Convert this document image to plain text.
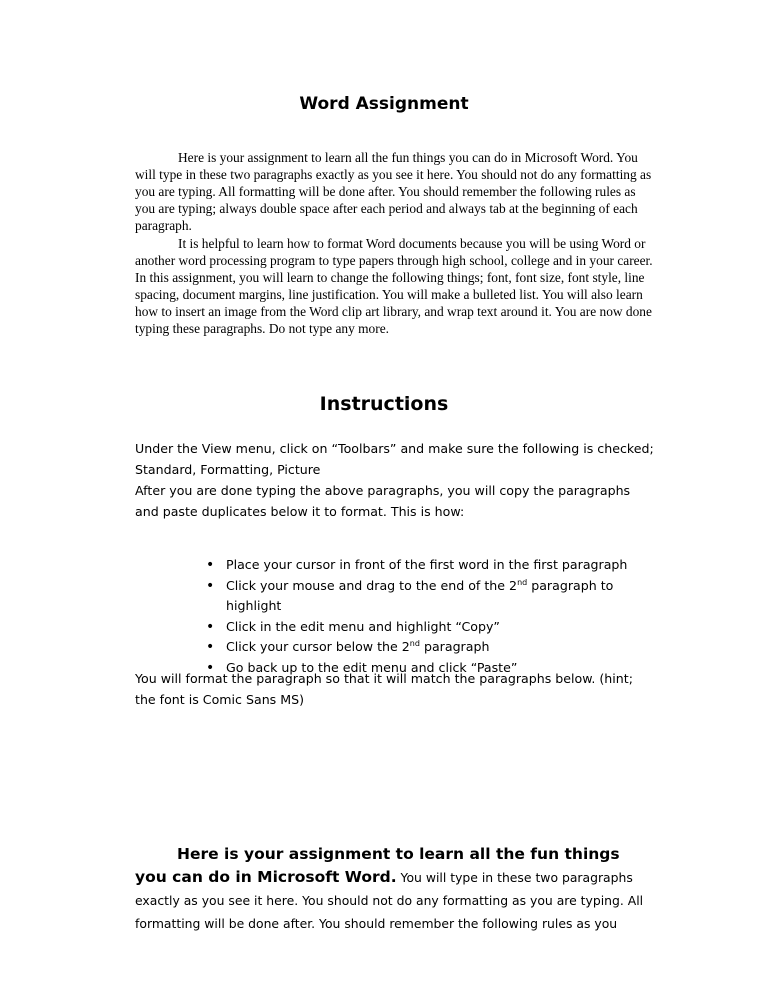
Word Assignment

Here is your assignment to learn all the fun things you can do in Microsoft Word. You will type in these two paragraphs exactly as you see it here. You should not do any formatting as you are typing. All formatting will be done after. You should remember the following rules as you are typing; always double space after each period and always tab at the beginning of each paragraph.

It is helpful to learn how to format Word documents because you will be using Word or another word processing program to type papers through high school, college and in your career. In this assignment, you will learn to change the following things; font, font size, font style, line spacing, document margins, line justification. You will make a bulleted list. You will also learn how to insert an image from the Word clip art library, and wrap text around it. You are now done typing these paragraphs. Do not type any more.

Instructions

Under the View menu, click on “Toolbars” and make sure the following is checked; Standard, Formatting, Picture

After you are done typing the above paragraphs, you will copy the paragraphs and paste duplicates below it to format. This is how:

• Place your cursor in front of the first word in the first paragraph
• Click your mouse and drag to the end of the 2nd paragraph to highlight
• Click in the edit menu and highlight “Copy”
• Click your cursor below the 2nd paragraph
• Go back up to the edit menu and click “Paste”

You will format the paragraph so that it will match the paragraphs below. (hint; the font is Comic Sans MS)

Here is your assignment to learn all the fun things you can do in Microsoft Word. You will type in these two paragraphs exactly as you see it here. You should not do any formatting as you are typing. All formatting will be done after. You should remember the following rules as you
